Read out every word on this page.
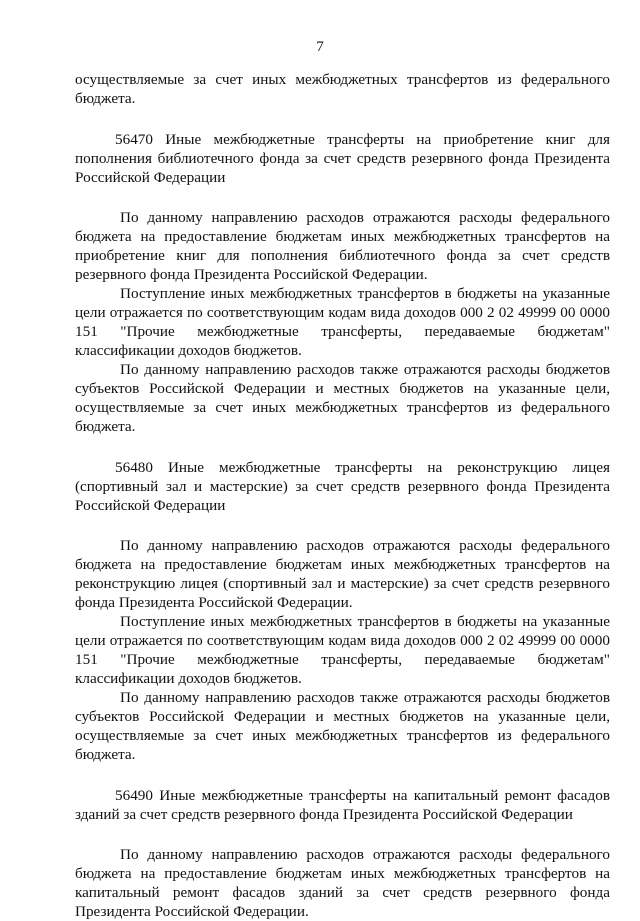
7

осуществляемые за счет иных межбюджетных трансфертов из федерального бюджета.

56470 Иные межбюджетные трансферты на приобретение книг для пополнения библиотечного фонда за счет средств резервного фонда Президента Российской Федерации

По данному направлению расходов отражаются расходы федерального бюджета на предоставление бюджетам иных межбюджетных трансфертов на приобретение книг для пополнения библиотечного фонда за счет средств резервного фонда Президента Российской Федерации.

Поступление иных межбюджетных трансфертов в бюджеты на указанные цели отражается по соответствующим кодам вида доходов 000 2 02 49999 00 0000 151 "Прочие межбюджетные трансферты, передаваемые бюджетам" классификации доходов бюджетов.

По данному направлению расходов также отражаются расходы бюджетов субъектов Российской Федерации и местных бюджетов на указанные цели, осуществляемые за счет иных межбюджетных трансфертов из федерального бюджета.

56480 Иные межбюджетные трансферты на реконструкцию лицея (спортивный зал и мастерские) за счет средств резервного фонда Президента Российской Федерации

По данному направлению расходов отражаются расходы федерального бюджета на предоставление бюджетам иных межбюджетных трансфертов на реконструкцию лицея (спортивный зал и мастерские) за счет средств резервного фонда Президента Российской Федерации.

Поступление иных межбюджетных трансфертов в бюджеты на указанные цели отражается по соответствующим кодам вида доходов 000 2 02 49999 00 0000 151 "Прочие межбюджетные трансферты, передаваемые бюджетам" классификации доходов бюджетов.

По данному направлению расходов также отражаются расходы бюджетов субъектов Российской Федерации и местных бюджетов на указанные цели, осуществляемые за счет иных межбюджетных трансфертов из федерального бюджета.

56490 Иные межбюджетные трансферты на капитальный ремонт фасадов зданий за счет средств резервного фонда Президента Российской Федерации

По данному направлению расходов отражаются расходы федерального бюджета на предоставление бюджетам иных межбюджетных трансфертов на капитальный ремонт фасадов зданий за счет средств резервного фонда Президента Российской Федерации.
